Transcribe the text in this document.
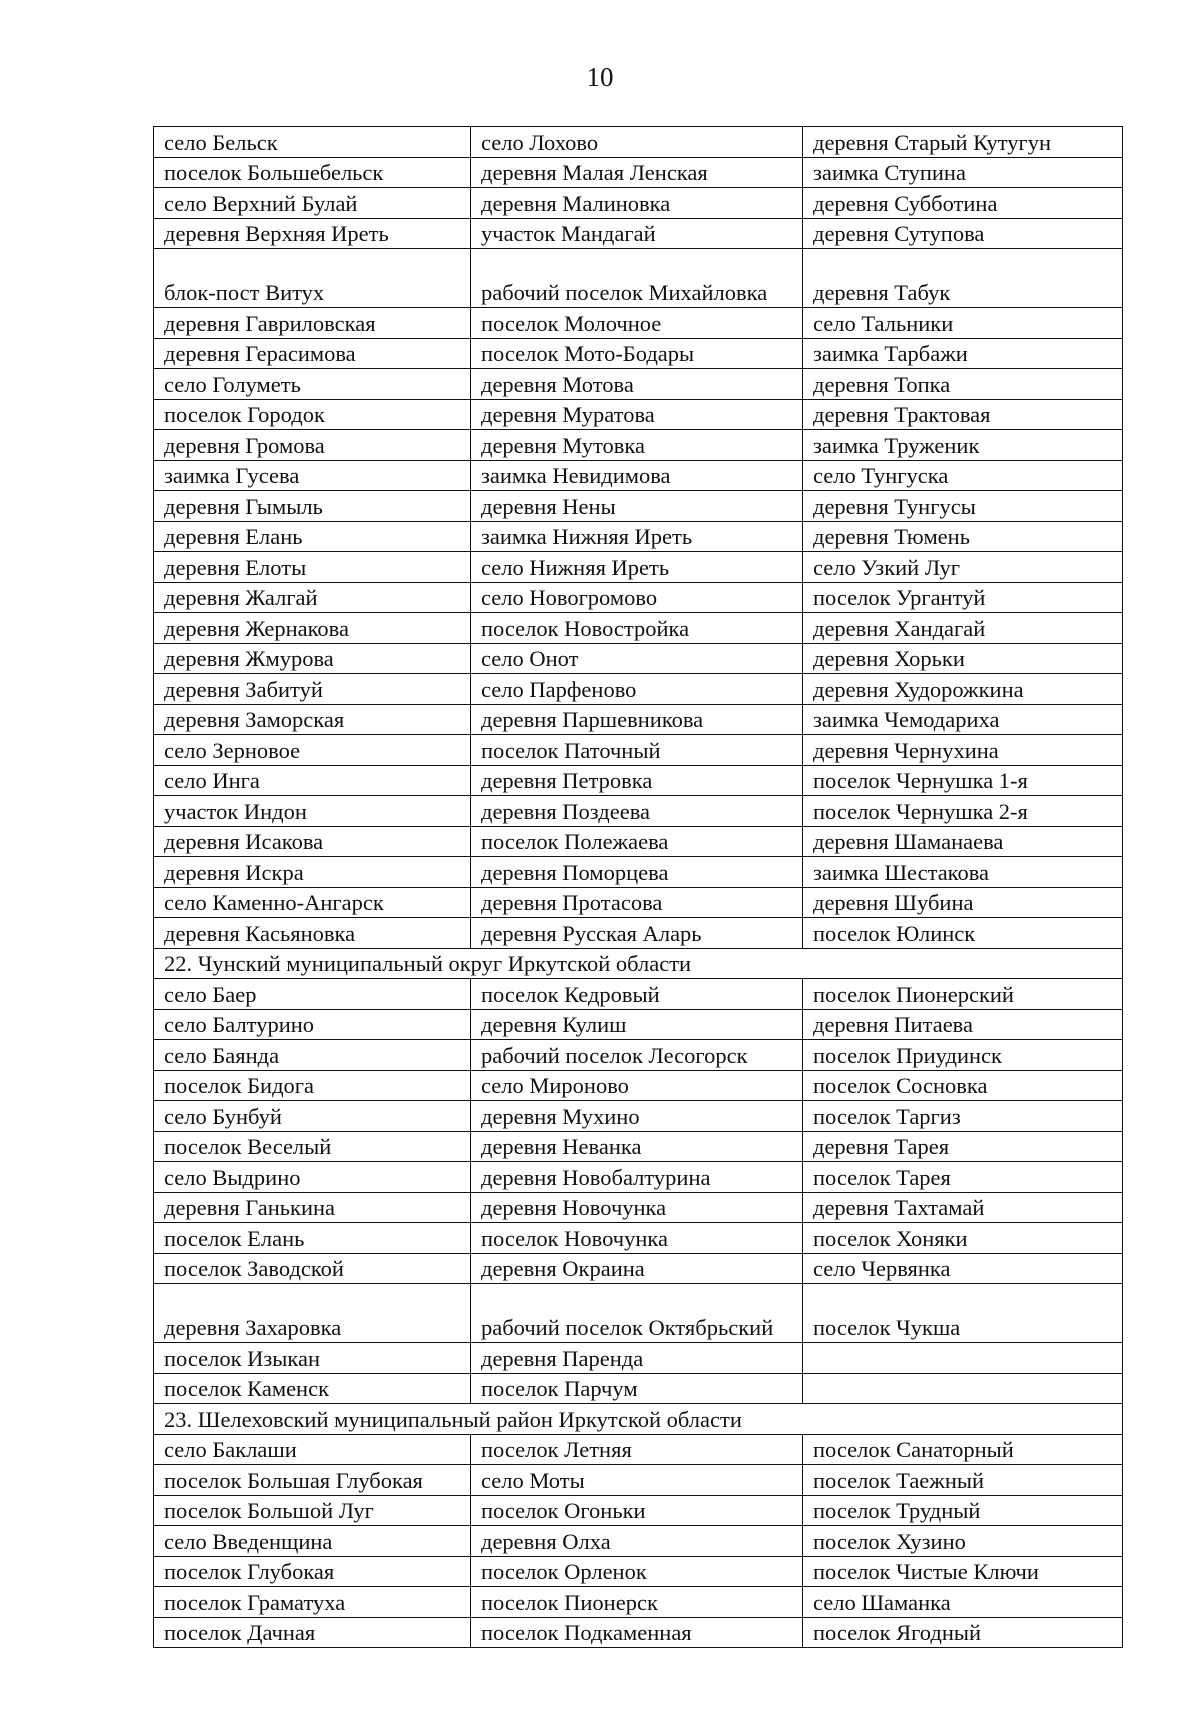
10
село Бельск	село Лохово	деревня Старый Кутугун
поселок Большебельск	деревня Малая Ленская	заимка Ступина
село Верхний Булай	деревня Малиновка	деревня Субботина
деревня Верхняя Иреть	участок Мандагай	деревня Сутупова

блок-пост Витух	рабочий поселок Михайловка	деревня Табук

деревня Гавриловская	поселок Молочное	село Тальники
деревня Герасимова	поселок Мото-Бодары	заимка Тарбажи
село Голуметь	деревня Мотова	деревня Топка
поселок Городок	деревня Муратова	деревня Трактовая
деревня Громова	деревня Мутовка	заимка Труженик
заимка Гусева	заимка Невидимова	село Тунгуска
деревня Гымыль	деревня Нены	деревня Тунгусы
деревня Елань	заимка Нижняя Иреть	деревня Тюмень
деревня Елоты	село Нижняя Иреть	село Узкий Луг
деревня Жалгай	село Новогромово	поселок Ургантуй
деревня Жернакова	поселок Новостройка	деревня Хандагай
деревня Жмурова	село Онот	деревня Хорьки
деревня Забитуй	село Парфеново	деревня Худорожкина
деревня Заморская	деревня Паршевникова	заимка Чемодариха
село Зерновое	поселок Паточный	деревня Чернухина
село Инга	деревня Петровка	поселок Чернушка 1-я
участок Индон	деревня Поздеева	поселок Чернушка 2-я
деревня Исакова	поселок Полежаева	деревня Шаманаева
деревня Искра	деревня Поморцева	заимка Шестакова
село Каменно-Ангарск	деревня Протасова	деревня Шубина
деревня Касьяновка	деревня Русская Аларь	поселок Юлинск
22. Чунский муниципальный округ Иркутской области		
село Баер	поселок Кедровый	поселок Пионерский
село Балтурино	деревня Кулиш	деревня Питаева
село Баянда	рабочий поселок Лесогорск	поселок Приудинск
поселок Бидога	село Мироново	поселок Сосновка
село Бунбуй	деревня Мухино	поселок Таргиз
поселок Веселый	деревня Неванка	деревня Тарея
село Выдрино	деревня Новобалтурина	поселок Тарея
деревня Ганькина	деревня Новочунка	деревня Тахтамай
поселок Елань	поселок Новочунка	поселок Хоняки
поселок Заводской	деревня Окраина	село Червянка

деревня Захаровка	рабочий поселок Октябрьский	поселок Чукша

поселок Изыкан	деревня Паренда	
поселок Каменск	поселок Парчум	
23. Шелеховский муниципальный район Иркутской области		
село Баклаши	поселок Летняя	поселок Санаторный
поселок Большая Глубокая	село Моты	поселок Таежный
поселок Большой Луг	поселок Огоньки	поселок Трудный
село Введенщина	деревня Олха	поселок Хузино
поселок Глубокая	поселок Орленок	поселок Чистые Ключи
поселок Граматуха	поселок Пионерск	село Шаманка
поселок Дачная	поселок Подкаменная	поселок Ягодный
